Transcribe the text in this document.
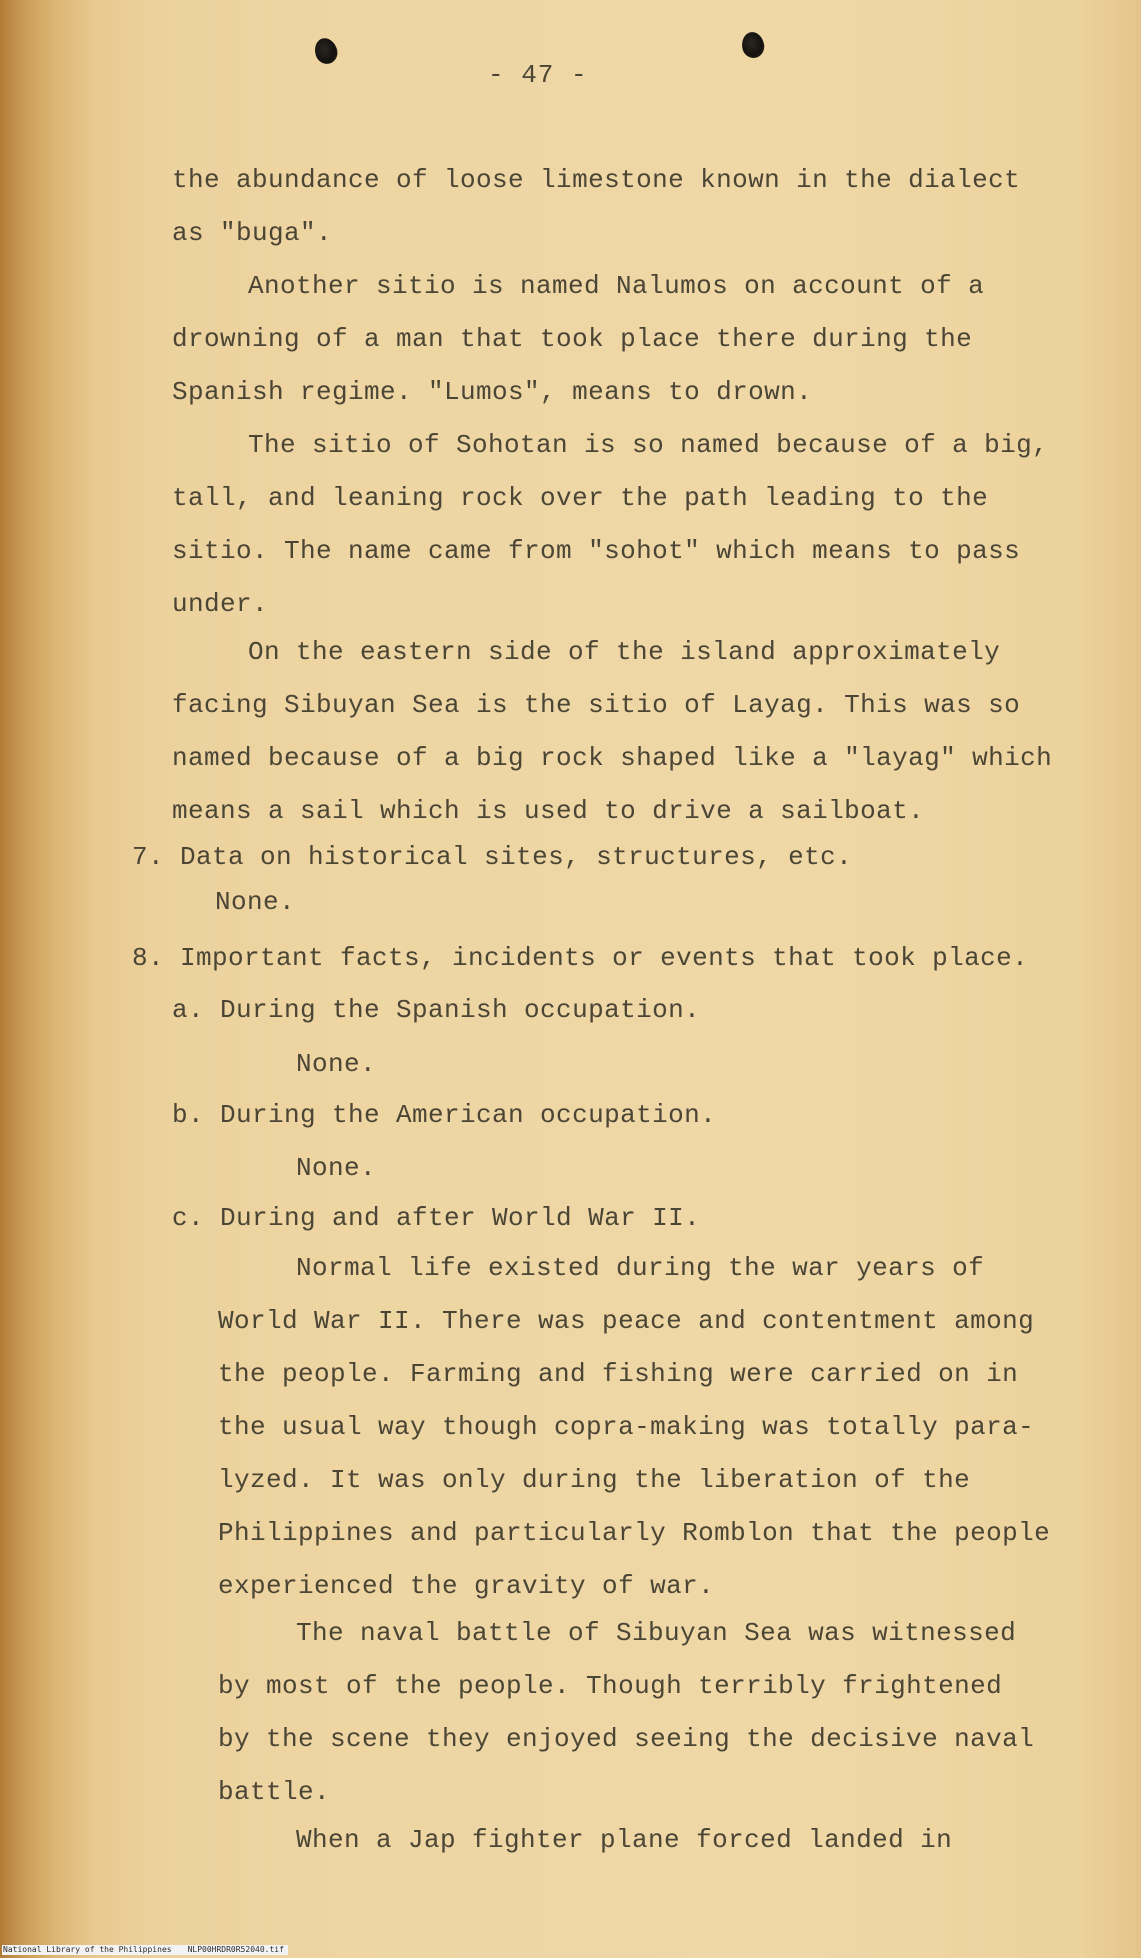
- 47 -
the abundance of loose limestone known in the dialect
as "buga".
Another sitio is named Nalumos on account of a
drowning of a man that took place there during the
Spanish regime. "Lumos", means to drown.
The sitio of Sohotan is so named because of a big,
tall, and leaning rock over the path leading to the
sitio. The name came from "sohot" which means to pass
under.
On the eastern side of the island approximately
facing Sibuyan Sea is the sitio of Layag. This was so
named because of a big rock shaped like a "layag" which
means a sail which is used to drive a sailboat.
7. Data on historical sites, structures, etc.
None.
8. Important facts, incidents or events that took place.
a. During the Spanish occupation.
None.
b. During the American occupation.
None.
c. During and after World War II.
Normal life existed during the war years of
World War II. There was peace and contentment among
the people. Farming and fishing were carried on in
the usual way though copra-making was totally para-
lyzed. It was only during the liberation of the
Philippines and particularly Romblon that the people
experienced the gravity of war.
The naval battle of Sibuyan Sea was witnessed
by most of the people. Though terribly frightened
by the scene they enjoyed seeing the decisive naval
battle.
When a Jap fighter plane forced landed in
National Library of the Philippines NLP00HRDR0R52040.tif
